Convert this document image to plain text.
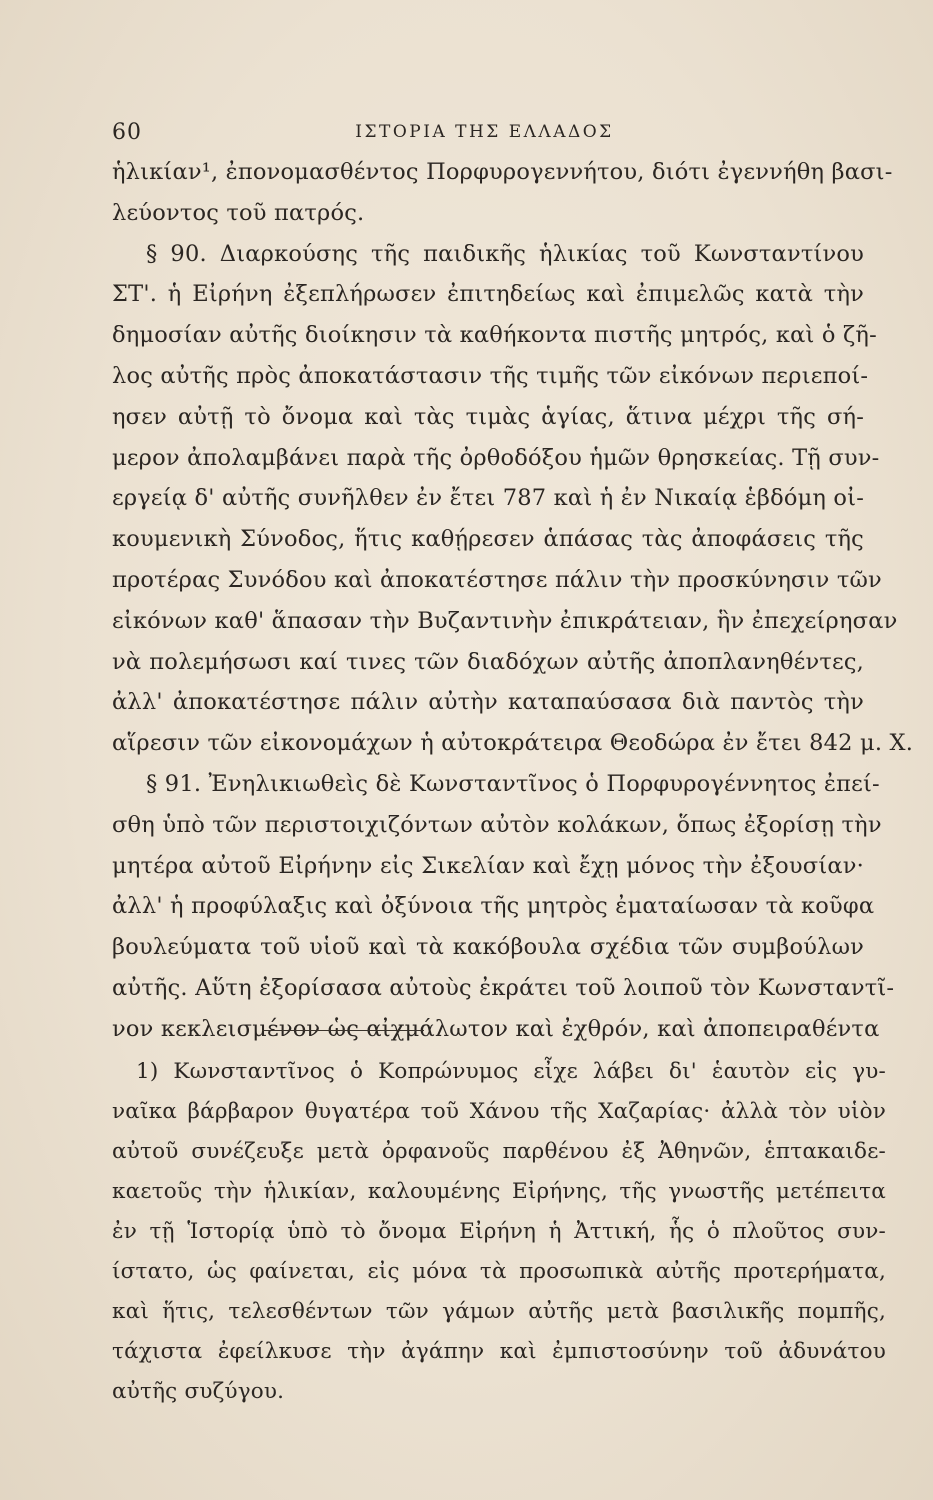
60	ΙΣΤΟΡΙΑ ΤΗΣ ΕΛΛΑΔΟΣ
ἡλικίαν¹, ἐπονομασθέντος Πορφυρογεννήτου, διότι ἐγεννήθη βασι-
λεύοντος τοῦ πατρός.
§ 90. Διαρκούσης τῆς παιδικῆς ἡλικίας τοῦ Κωνσταντίνου
ΣΤ'. ἡ Εἰρήνη ἐξεπλήρωσεν ἐπιτηδείως καὶ ἐπιμελῶς κατὰ τὴν
δημοσίαν αὐτῆς διοίκησιν τὰ καθήκοντα πιστῆς μητρός, καὶ ὁ ζῆ-
λος αὐτῆς πρὸς ἀποκατάστασιν τῆς τιμῆς τῶν εἰκόνων περιεποί-
ησεν αὐτῇ τὸ ὄνομα καὶ τὰς τιμὰς ἁγίας, ἅτινα μέχρι τῆς σή-
μερον ἀπολαμβάνει παρὰ τῆς ὀρθοδόξου ἡμῶν θρησκείας. Τῇ συν-
εργείᾳ δ' αὐτῆς συνῆλθεν ἐν ἔτει 787 καὶ ἡ ἐν Νικαίᾳ ἑβδόμη οἰ-
κουμενικὴ Σύνοδος, ἥτις καθῄρεσεν ἁπάσας τὰς ἀποφάσεις τῆς
προτέρας Συνόδου καὶ ἀποκατέστησε πάλιν τὴν προσκύνησιν τῶν
εἰκόνων καθ' ἅπασαν τὴν Βυζαντινὴν ἐπικράτειαν, ἣν ἐπεχείρησαν
νὰ πολεμήσωσι καί τινες τῶν διαδόχων αὐτῆς ἀποπλανηθέντες,
ἀλλ' ἀποκατέστησε πάλιν αὐτὴν καταπαύσασα διὰ παντὸς τὴν
αἵρεσιν τῶν εἰκονομάχων ἡ αὐτοκράτειρα Θεοδώρα ἐν ἔτει 842 μ. Χ.
§ 91. Ἐνηλικιωθεὶς δὲ Κωνσταντῖνος ὁ Πορφυρογέννητος ἐπεί-
σθη ὑπὸ τῶν περιστοιχιζόντων αὐτὸν κολάκων, ὅπως ἐξορίσῃ τὴν
μητέρα αὐτοῦ Εἰρήνην εἰς Σικελίαν καὶ ἔχῃ μόνος τὴν ἐξουσίαν·
ἀλλ' ἡ προφύλαξις καὶ ὀξύνοια τῆς μητρὸς ἐματαίωσαν τὰ κοῦφα
βουλεύματα τοῦ υἱοῦ καὶ τὰ κακόβουλα σχέδια τῶν συμβούλων
αὐτῆς. Αὕτη ἐξορίσασα αὐτοὺς ἐκράτει τοῦ λοιποῦ τὸν Κωνσταντῖ-
νον κεκλεισμένον ὡς αἰχμάλωτον καὶ ἐχθρόν, καὶ ἀποπειραθέντα
1) Κωνσταντῖνος ὁ Κοπρώνυμος εἶχε λάβει δι' ἑαυτὸν εἰς γυ-
ναῖκα βάρβαρον θυγατέρα τοῦ Χάνου τῆς Χαζαρίας· ἀλλὰ τὸν υἱὸν
αὐτοῦ συνέζευξε μετὰ ὀρφανοῦς παρθένου ἐξ Ἀθηνῶν, ἑπτακαιδε-
καετοῦς τὴν ἡλικίαν, καλουμένης Εἰρήνης, τῆς γνωστῆς μετέπειτα
ἐν τῇ Ἱστορίᾳ ὑπὸ τὸ ὄνομα Εἰρήνη ἡ Ἀττική, ἧς ὁ πλοῦτος συν-
ίστατο, ὡς φαίνεται, εἰς μόνα τὰ προσωπικὰ αὐτῆς προτερήματα,
καὶ ἥτις, τελεσθέντων τῶν γάμων αὐτῆς μετὰ βασιλικῆς πομπῆς,
τάχιστα ἐφείλκυσε τὴν ἀγάπην καὶ ἐμπιστοσύνην τοῦ ἀδυνάτου
αὐτῆς συζύγου.
